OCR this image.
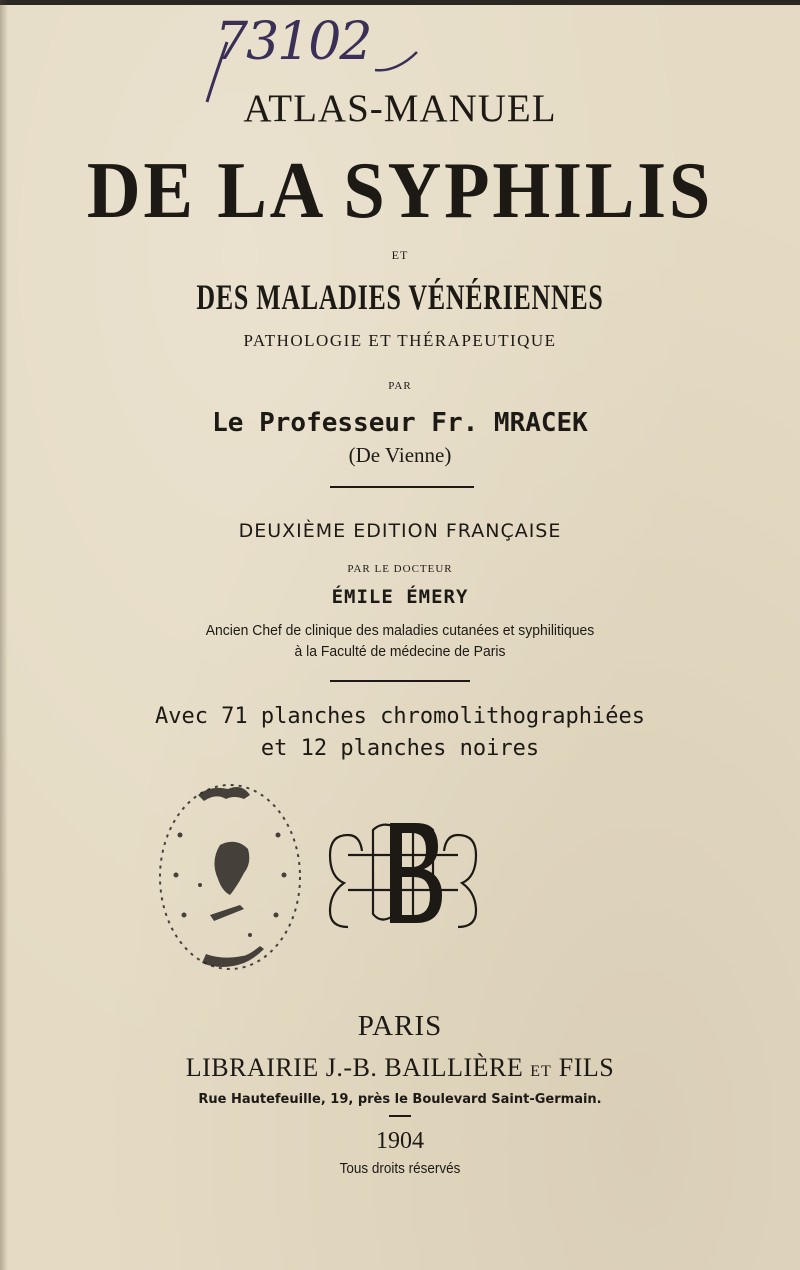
73102
ATLAS-MANUEL
DE LA SYPHILIS
ET
DES MALADIES VÉNÉRIENNES
PATHOLOGIE ET THÉRAPEUTIQUE
PAR
Le Professeur Fr. MRACEK
(De Vienne)
DEUXIÈME EDITION FRANÇAISE
PAR LE DOCTEUR
ÉMILE ÉMERY
Ancien Chef de clinique des maladies cutanées et syphilitiques
à la Faculté de médecine de Paris
Avec 71 planches chromolithographiées
et 12 planches noires
PARIS
LIBRAIRIE J.-B. BAILLIÈRE ET FILS
Rue Hautefeuille, 19, près le Boulevard Saint-Germain.
1904
Tous droits réservés
